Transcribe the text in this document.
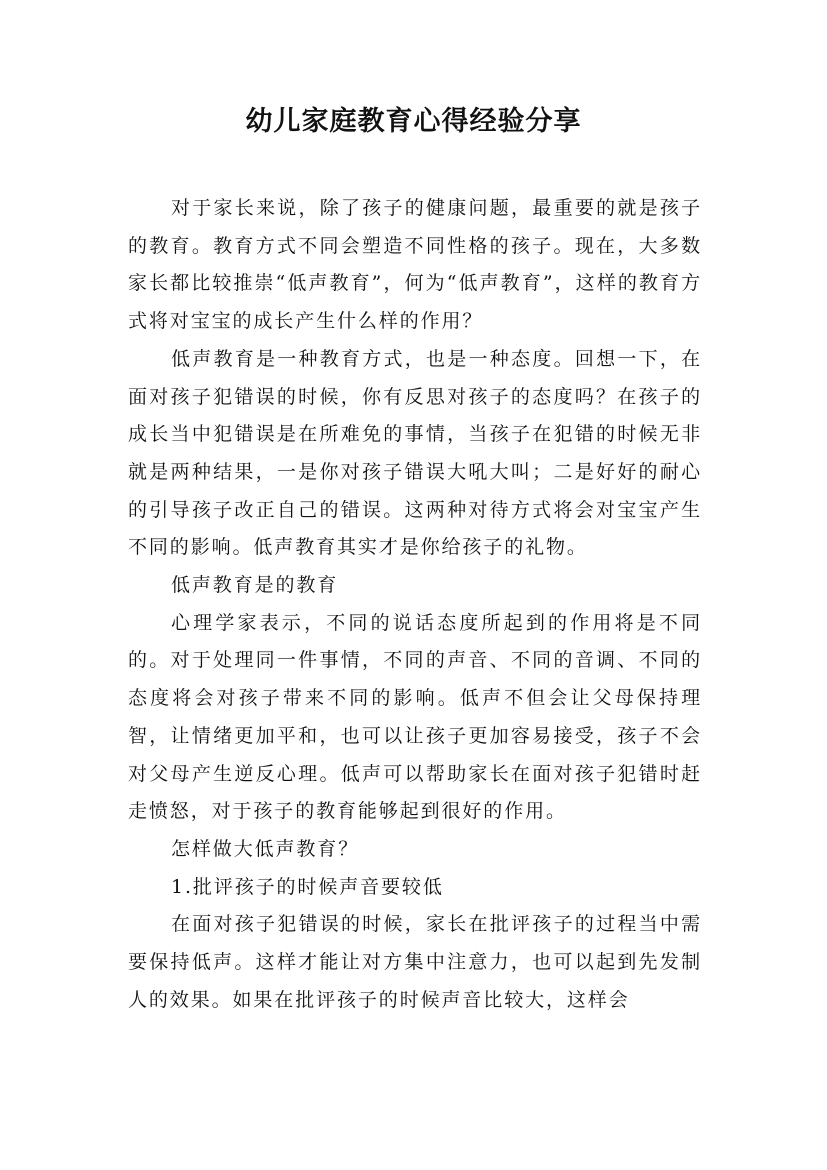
幼儿家庭教育心得经验分享

对于家长来说，除了孩子的健康问题，最重要的就是孩子的教育。教育方式不同会塑造不同性格的孩子。现在，大多数家长都比较推崇“低声教育”，何为“低声教育”，这样的教育方式将对宝宝的成长产生什么样的作用？

低声教育是一种教育方式，也是一种态度。回想一下，在面对孩子犯错误的时候，你有反思对孩子的态度吗？在孩子的成长当中犯错误是在所难免的事情，当孩子在犯错的时候无非就是两种结果，一是你对孩子错误大吼大叫；二是好好的耐心的引导孩子改正自己的错误。这两种对待方式将会对宝宝产生不同的影响。低声教育其实才是你给孩子的礼物。

低声教育是的教育

心理学家表示，不同的说话态度所起到的作用将是不同的。对于处理同一件事情，不同的声音、不同的音调、不同的态度将会对孩子带来不同的影响。低声不但会让父母保持理智，让情绪更加平和，也可以让孩子更加容易接受，孩子不会对父母产生逆反心理。低声可以帮助家长在面对孩子犯错时赶走愤怒，对于孩子的教育能够起到很好的作用。

怎样做大低声教育？

1.批评孩子的时候声音要较低

在面对孩子犯错误的时候，家长在批评孩子的过程当中需要保持低声。这样才能让对方集中注意力，也可以起到先发制人的效果。如果在批评孩子的时候声音比较大，这样会
